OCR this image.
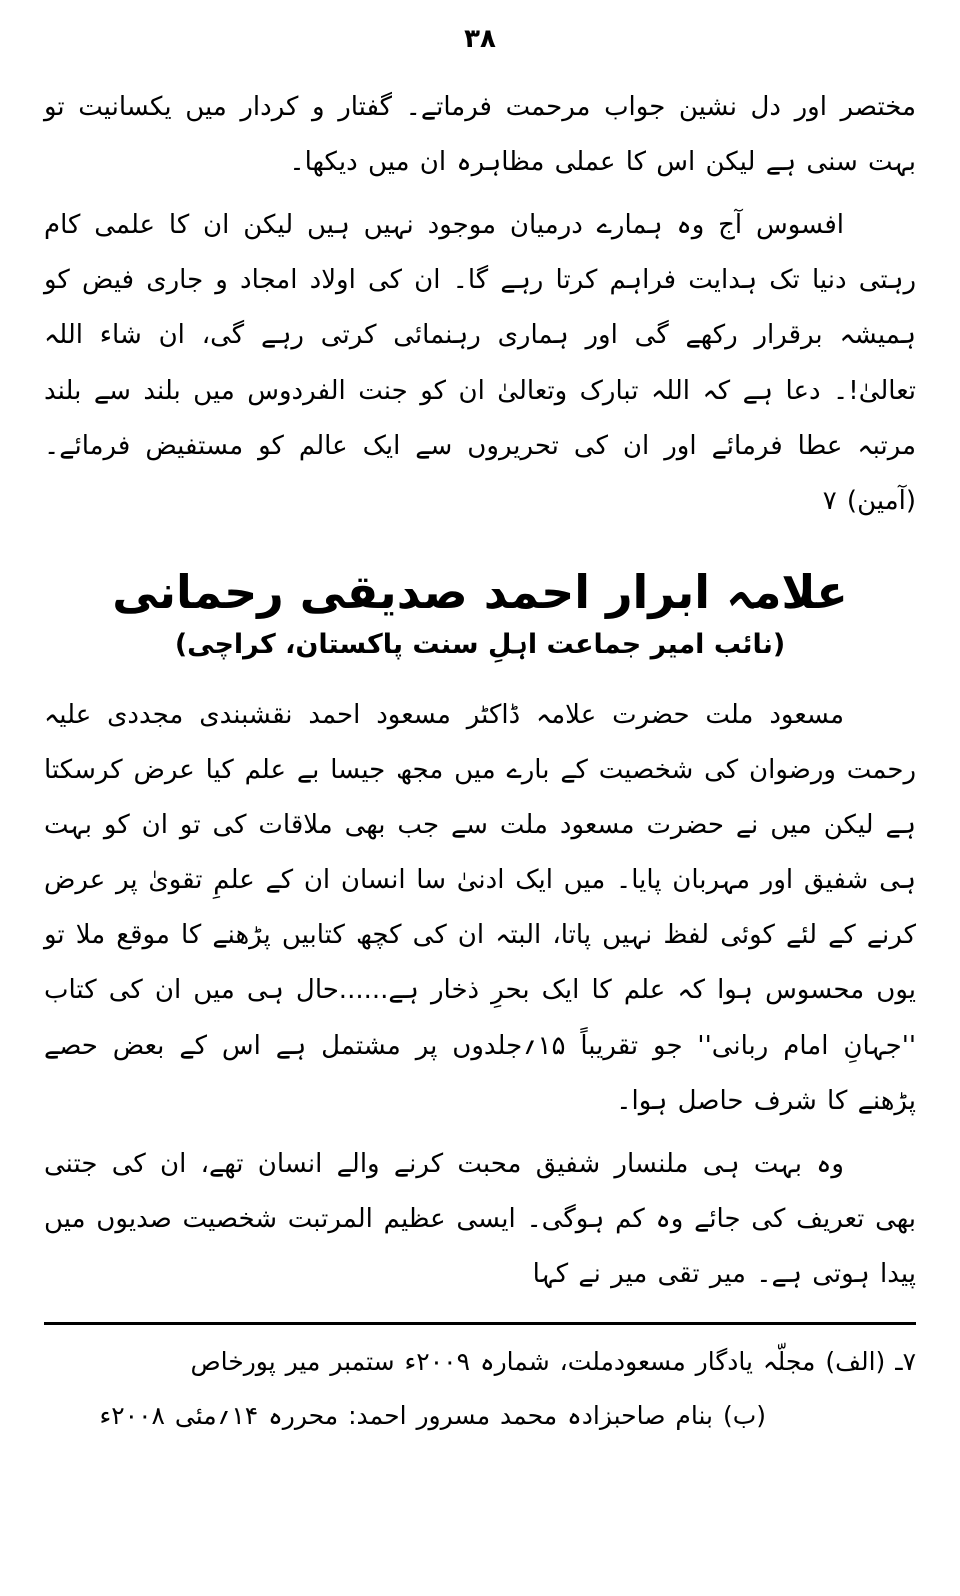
٣٨

مختصر اور دل نشین جواب مرحمت فرماتے۔ گفتار و کردار میں یکسانیت تو بہت سنی ہے لیکن اس کا عملی مظاہرہ ان میں دیکھا۔

افسوس آج وہ ہمارے درمیان موجود نہیں ہیں لیکن ان کا علمی کام رہتی دنیا تک ہدایت فراہم کرتا رہے گا۔ ان کی اولاد امجاد و جاری فیض کو ہمیشہ برقرار رکھے گی اور ہماری رہنمائی کرتی رہے گی، ان شاء اللہ تعالیٰ!۔ دعا ہے کہ اللہ تبارک وتعالیٰ ان کو جنت الفردوس میں بلند سے بلند مرتبہ عطا فرمائے اور ان کی تحریروں سے ایک عالم کو مستفیض فرمائے۔ (آمین) ۷

علامہ ابرار احمد صدیقی رحمانی
(نائب امیر جماعت اہلِ سنت پاکستان، کراچی)

مسعود ملت حضرت علامہ ڈاکٹر مسعود احمد نقشبندی مجددی علیہ رحمت ورضوان کی شخصیت کے بارے میں مجھ جیسا بے علم کیا عرض کرسکتا ہے لیکن میں نے حضرت مسعود ملت سے جب بھی ملاقات کی تو ان کو بہت ہی شفیق اور مہربان پایا۔ میں ایک ادنیٰ سا انسان ان کے علمِ تقویٰ پر عرض کرنے کے لئے کوئی لفظ نہیں پاتا، البتہ ان کی کچھ کتابیں پڑھنے کا موقع ملا تو یوں محسوس ہوا کہ علم کا ایک بحرِ ذخار ہے......حال ہی میں ان کی کتاب ''جہانِ امام ربانی'' جو تقریباً ۱۵؍جلدوں پر مشتمل ہے اس کے بعض حصے پڑھنے کا شرف حاصل ہوا۔

وہ بہت ہی ملنسار شفیق محبت کرنے والے انسان تھے، ان کی جتنی بھی تعریف کی جائے وہ کم ہوگی۔ ایسی عظیم المرتبت شخصیت صدیوں میں پیدا ہوتی ہے۔ میر تقی میر نے کہا

۷ـ (الف) مجلّہ یادگار مسعودملت، شمارہ ۲۰۰۹ء ستمبر میر پورخاص

(ب) بنام صاحبزادہ محمد مسرور احمد: محررہ ۱۴؍مئی ۲۰۰۸ء
